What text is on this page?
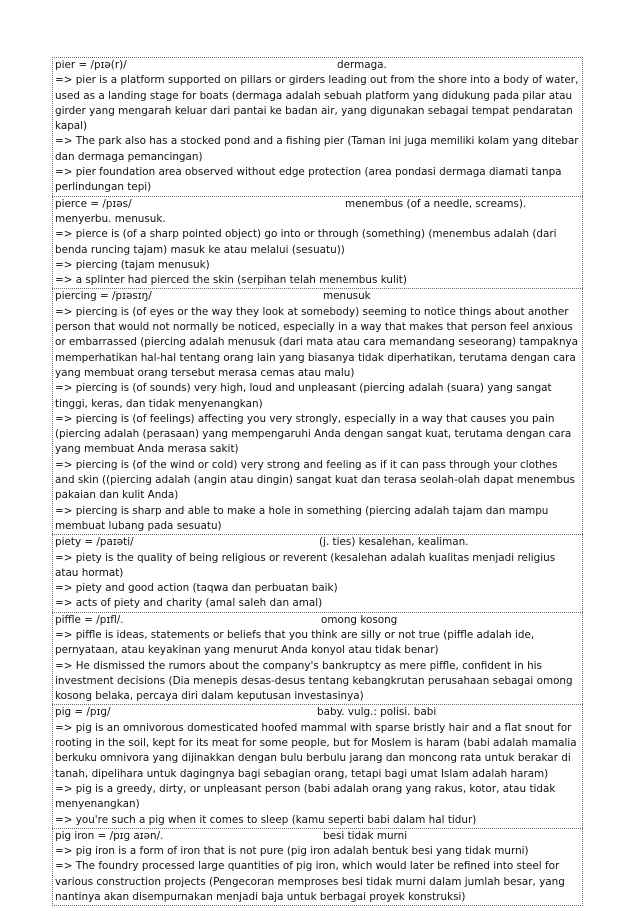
pier = /pɪə(r)/	dermaga.
=> pier is a platform supported on pillars or girders leading out from the shore into a body of water, used as a landing stage for boats (dermaga adalah sebuah platform yang didukung pada pilar atau girder yang mengarah keluar dari pantai ke badan air, yang digunakan sebagai tempat pendaratan kapal)
=> The park also has a stocked pond and a fishing pier (Taman ini juga memiliki kolam yang ditebar dan dermaga pemancingan)
=> pier foundation area observed without edge protection (area pondasi dermaga diamati tanpa perlindungan tepi)
pierce = /pɪəs/	menembus (of a needle, screams). menyerbu. menusuk.
=> pierce is (of a sharp pointed object) go into or through (something) (menembus adalah (dari benda runcing tajam) masuk ke atau melalui (sesuatu))
=> piercing (tajam menusuk)
=> a splinter had pierced the skin (serpihan telah menembus kulit)
piercing = /pɪəsɪŋ/	menusuk
=> piercing is (of eyes or the way they look at somebody) seeming to notice things about another person that would not normally be noticed, especially in a way that makes that person feel anxious or embarrassed (piercing adalah menusuk (dari mata atau cara memandang seseorang) tampaknya memperhatikan hal-hal tentang orang lain yang biasanya tidak diperhatikan, terutama dengan cara yang membuat orang tersebut merasa cemas atau malu)
=> piercing is (of sounds) very high, loud and unpleasant (piercing adalah (suara) yang sangat tinggi, keras, dan tidak menyenangkan)
=> piercing is (of feelings) affecting you very strongly, especially in a way that causes you pain (piercing adalah (perasaan) yang mempengaruhi Anda dengan sangat kuat, terutama dengan cara yang membuat Anda merasa sakit)
=> piercing is (of the wind or cold) very strong and feeling as if it can pass through your clothes and skin ((piercing adalah (angin atau dingin) sangat kuat dan terasa seolah-olah dapat menembus pakaian dan kulit Anda)
=> piercing is sharp and able to make a hole in something (piercing adalah tajam dan mampu membuat lubang pada sesuatu)
piety = /paɪəti/	(j. ties) kesalehan, kealiman.
=> piety is the quality of being religious or reverent (kesalehan adalah kualitas menjadi religius atau hormat)
=> piety and good action (taqwa dan perbuatan baik)
=> acts of piety and charity (amal saleh dan amal)
piffle = /pɪfl/.	omong kosong
=> piffle is ideas, statements or beliefs that you think are silly or not true (piffle adalah ide, pernyataan, atau keyakinan yang menurut Anda konyol atau tidak benar)
=> He dismissed the rumors about the company's bankruptcy as mere piffle, confident in his investment decisions (Dia menepis desas-desus tentang kebangkrutan perusahaan sebagai omong kosong belaka, percaya diri dalam keputusan investasinya)
pig = /pɪɡ/	baby. vulg.: polisi. babi
=> pig is an omnivorous domesticated hoofed mammal with sparse bristly hair and a flat snout for rooting in the soil, kept for its meat for some people, but for Moslem is haram (babi adalah mamalia berkuku omnivora yang dijinakkan dengan bulu berbulu jarang dan moncong rata untuk berakar di tanah, dipelihara untuk dagingnya bagi sebagian orang, tetapi bagi umat Islam adalah haram)
=> pig is a greedy, dirty, or unpleasant person (babi adalah orang yang rakus, kotor, atau tidak menyenangkan)
=> you're such a pig when it comes to sleep (kamu seperti babi dalam hal tidur)
pig iron = /pɪɡ aɪən/.	besi tidak murni
=> pig iron is a form of iron that is not pure (pig iron adalah bentuk besi yang tidak murni)
=> The foundry processed large quantities of pig iron, which would later be refined into steel for various construction projects (Pengecoran memproses besi tidak murni dalam jumlah besar, yang nantinya akan disempurnakan menjadi baja untuk berbagai proyek konstruksi)
